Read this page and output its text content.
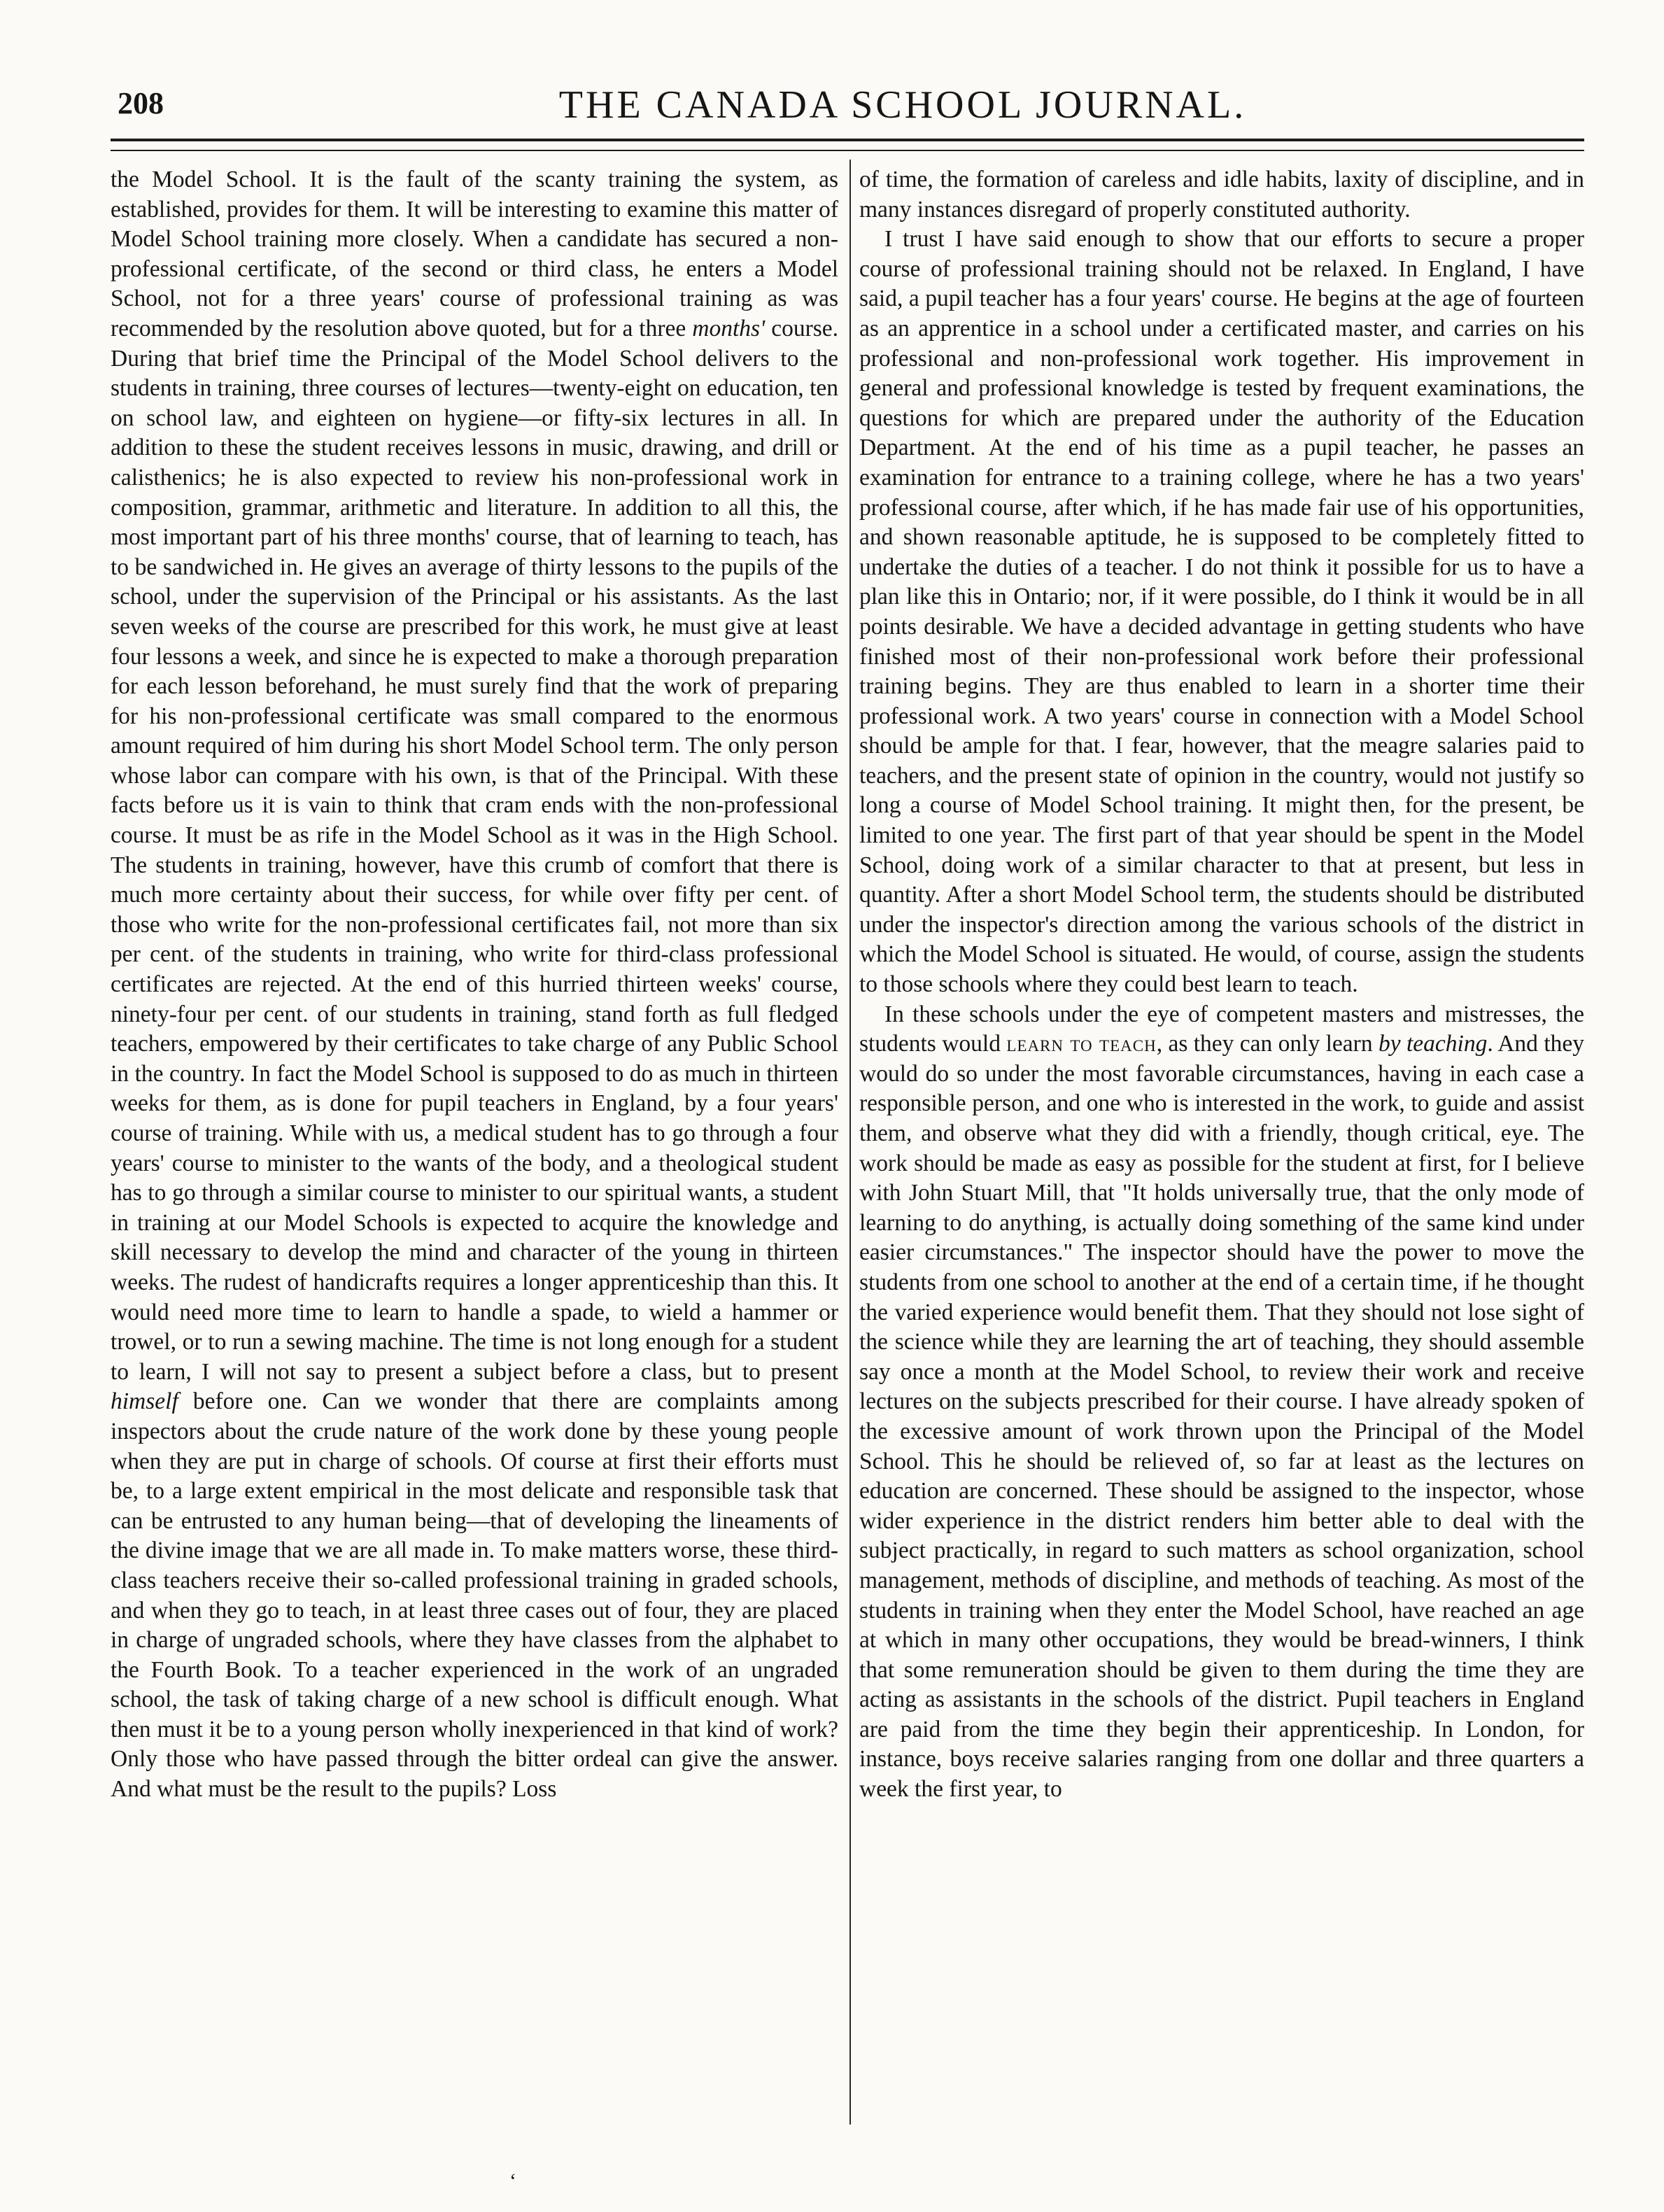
208	THE CANADA SCHOOL JOURNAL.

the Model School. It is the fault of the scanty training the system, as established, provides for them. It will be interesting to examine this matter of Model School training more closely. When a candidate has secured a non-professional certificate, of the second or third class, he enters a Model School, not for a three years' course of professional training as was recommended by the resolution above quoted, but for a three months' course. During that brief time the Principal of the Model School delivers to the students in training, three courses of lectures—twenty-eight on education, ten on school law, and eighteen on hygiene—or fifty-six lectures in all. In addition to these the student receives lessons in music, drawing, and drill or calisthenics; he is also expected to review his non-professional work in composition, grammar, arithmetic and literature. In addition to all this, the most important part of his three months' course, that of learning to teach, has to be sandwiched in. He gives an average of thirty lessons to the pupils of the school, under the supervision of the Principal or his assistants. As the last seven weeks of the course are prescribed for this work, he must give at least four lessons a week, and since he is expected to make a thorough preparation for each lesson beforehand, he must surely find that the work of preparing for his non-professional certificate was small compared to the enormous amount required of him during his short Model School term. The only person whose labor can compare with his own, is that of the Principal. With these facts before us it is vain to think that cram ends with the non-professional course. It must be as rife in the Model School as it was in the High School. The students in training, however, have this crumb of comfort that there is much more certainty about their success, for while over fifty per cent. of those who write for the non-professional certificates fail, not more than six per cent. of the students in training, who write for third-class professional certificates are rejected. At the end of this hurried thirteen weeks' course, ninety-four per cent. of our students in training, stand forth as full fledged teachers, empowered by their certificates to take charge of any Public School in the country. In fact the Model School is supposed to do as much in thirteen weeks for them, as is done for pupil teachers in England, by a four years' course of training. While with us, a medical student has to go through a four years' course to minister to the wants of the body, and a theological student has to go through a similar course to minister to our spiritual wants, a student in training at our Model Schools is expected to acquire the knowledge and skill necessary to develop the mind and character of the young in thirteen weeks. The rudest of handicrafts requires a longer apprenticeship than this. It would need more time to learn to handle a spade, to wield a hammer or trowel, or to run a sewing machine. The time is not long enough for a student to learn, I will not say to present a subject before a class, but to present himself before one. Can we wonder that there are complaints among inspectors about the crude nature of the work done by these young people when they are put in charge of schools. Of course at first their efforts must be, to a large extent empirical in the most delicate and responsible task that can be entrusted to any human being—that of developing the lineaments of the divine image that we are all made in. To make matters worse, these third-class teachers receive their so-called professional training in graded schools, and when they go to teach, in at least three cases out of four, they are placed in charge of ungraded schools, where they have classes from the alphabet to the Fourth Book. To a teacher experienced in the work of an ungraded school, the task of taking charge of a new school is difficult enough. What then must it be to a young person wholly inexperienced in that kind of work? Only those who have passed through the bitter ordeal can give the answer. And what must be the result to the pupils? Loss

of time, the formation of careless and idle habits, laxity of discipline, and in many instances disregard of properly constituted authority.

I trust I have said enough to show that our efforts to secure a proper course of professional training should not be relaxed. In England, I have said, a pupil teacher has a four years' course. He begins at the age of fourteen as an apprentice in a school under a certificated master, and carries on his professional and non-professional work together. His improvement in general and professional knowledge is tested by frequent examinations, the questions for which are prepared under the authority of the Education Department. At the end of his time as a pupil teacher, he passes an examination for entrance to a training college, where he has a two years' professional course, after which, if he has made fair use of his opportunities, and shown reasonable aptitude, he is supposed to be completely fitted to undertake the duties of a teacher. I do not think it possible for us to have a plan like this in Ontario; nor, if it were possible, do I think it would be in all points desirable. We have a decided advantage in getting students who have finished most of their non-professional work before their professional training begins. They are thus enabled to learn in a shorter time their professional work. A two years' course in connection with a Model School should be ample for that. I fear, however, that the meagre salaries paid to teachers, and the present state of opinion in the country, would not justify so long a course of Model School training. It might then, for the present, be limited to one year. The first part of that year should be spent in the Model School, doing work of a similar character to that at present, but less in quantity. After a short Model School term, the students should be distributed under the inspector's direction among the various schools of the district in which the Model School is situated. He would, of course, assign the students to those schools where they could best learn to teach.

In these schools under the eye of competent masters and mistresses, the students would learn to teach, as they can only learn by teaching. And they would do so under the most favorable circumstances, having in each case a responsible person, and one who is interested in the work, to guide and assist them, and observe what they did with a friendly, though critical, eye. The work should be made as easy as possible for the student at first, for I believe with John Stuart Mill, that "It holds universally true, that the only mode of learning to do anything, is actually doing something of the same kind under easier circumstances." The inspector should have the power to move the students from one school to another at the end of a certain time, if he thought the varied experience would benefit them. That they should not lose sight of the science while they are learning the art of teaching, they should assemble say once a month at the Model School, to review their work and receive lectures on the subjects prescribed for their course. I have already spoken of the excessive amount of work thrown upon the Principal of the Model School. This he should be relieved of, so far at least as the lectures on education are concerned. These should be assigned to the inspector, whose wider experience in the district renders him better able to deal with the subject practically, in regard to such matters as school organization, school management, methods of discipline, and methods of teaching. As most of the students in training when they enter the Model School, have reached an age at which in many other occupations, they would be bread-winners, I think that some remuneration should be given to them during the time they are acting as assistants in the schools of the district. Pupil teachers in England are paid from the time they begin their apprenticeship. In London, for instance, boys receive salaries ranging from one dollar and three quarters a week the first year, to

‘
